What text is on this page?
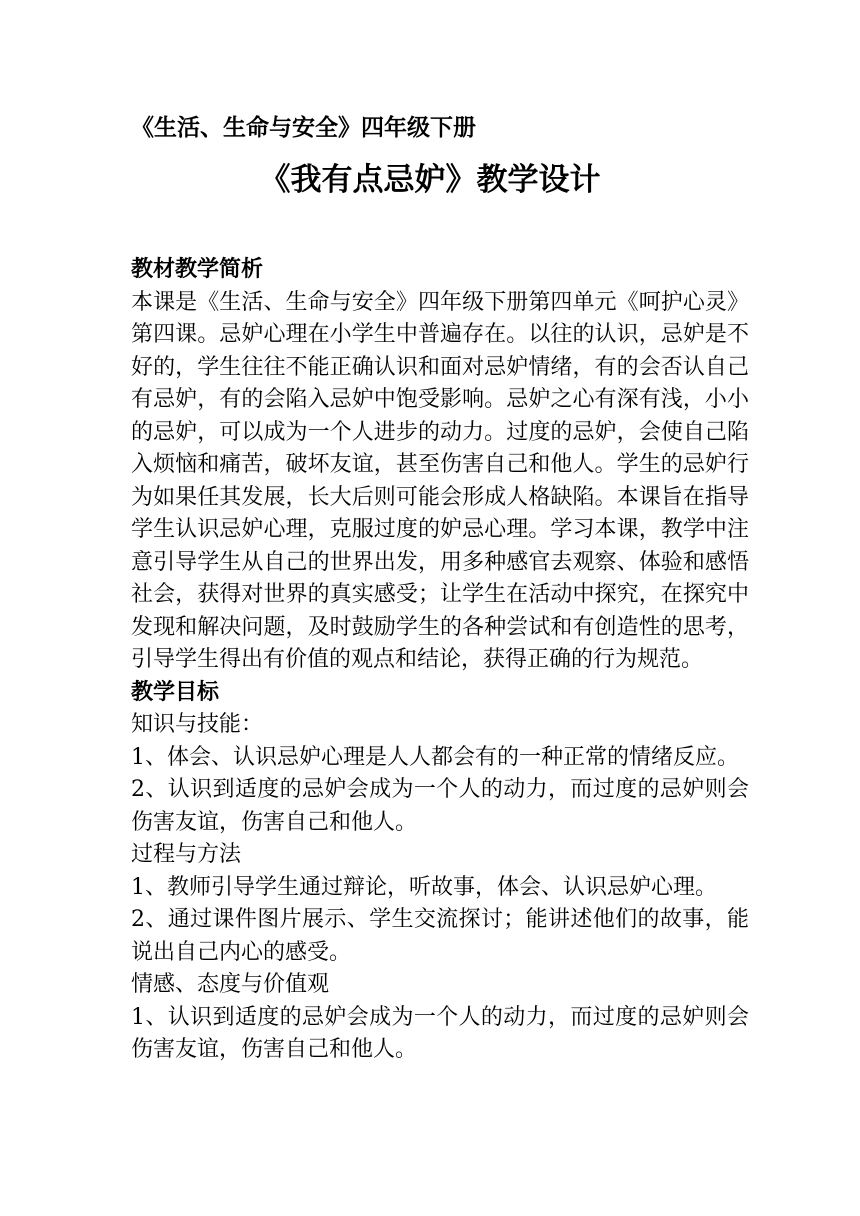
《生活、生命与安全》四年级下册
《我有点忌妒》教学设计

教材教学简析

本课是《生活、生命与安全》四年级下册第四单元《呵护心灵》第四课。忌妒心理在小学生中普遍存在。以往的认识，忌妒是不好的，学生往往不能正确认识和面对忌妒情绪，有的会否认自己有忌妒，有的会陷入忌妒中饱受影响。忌妒之心有深有浅，小小的忌妒，可以成为一个人进步的动力。过度的忌妒，会使自己陷入烦恼和痛苦，破坏友谊，甚至伤害自己和他人。学生的忌妒行为如果任其发展，长大后则可能会形成人格缺陷。本课旨在指导学生认识忌妒心理，克服过度的妒忌心理。学习本课，教学中注意引导学生从自己的世界出发，用多种感官去观察、体验和感悟社会，获得对世界的真实感受；让学生在活动中探究，在探究中发现和解决问题，及时鼓励学生的各种尝试和有创造性的思考，引导学生得出有价值的观点和结论，获得正确的行为规范。

教学目标

知识与技能：

1、体会、认识忌妒心理是人人都会有的一种正常的情绪反应。

2、认识到适度的忌妒会成为一个人的动力，而过度的忌妒则会伤害友谊，伤害自己和他人。

过程与方法

1、教师引导学生通过辩论，听故事，体会、认识忌妒心理。

2、通过课件图片展示、学生交流探讨；能讲述他们的故事，能说出自己内心的感受。

情感、态度与价值观

1、认识到适度的忌妒会成为一个人的动力，而过度的忌妒则会伤害友谊，伤害自己和他人。
